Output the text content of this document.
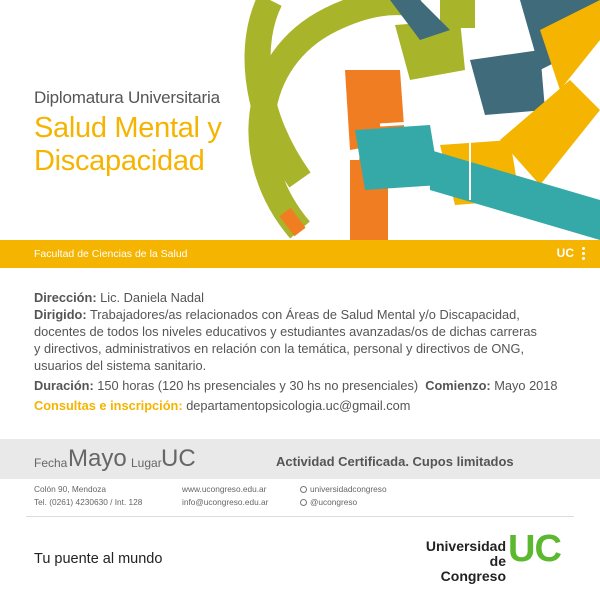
Diplomatura Universitaria
Salud Mental y
Discapacidad
Facultad de Ciencias de la Salud	UC
Dirección: Lic. Daniela Nadal
Dirigido: Trabajadores/as relacionados con Áreas de Salud Mental y/o Discapacidad,
docentes de todos los niveles educativos y estudiantes avanzadas/os de dichas carreras
y directivos, administrativos en relación con la temática, personal y directivos de ONG,
usuarios del sistema sanitario.
Duración: 150 horas (120 hs presenciales y 30 hs no presenciales) Comienzo: Mayo 2018
Consultas e inscripción: departamentopsicologia.uc@gmail.com
Fecha Mayo Lugar UC	Actividad Certificada. Cupos limitados
Colón 90, Mendoza
Tel. (0261) 4230630 / Int. 128
www.ucongreso.edu.ar
info@ucongreso.edu.ar
universidadcongreso
@ucongreso
Tu puente al mundo
Universidad
de Congreso
UC
